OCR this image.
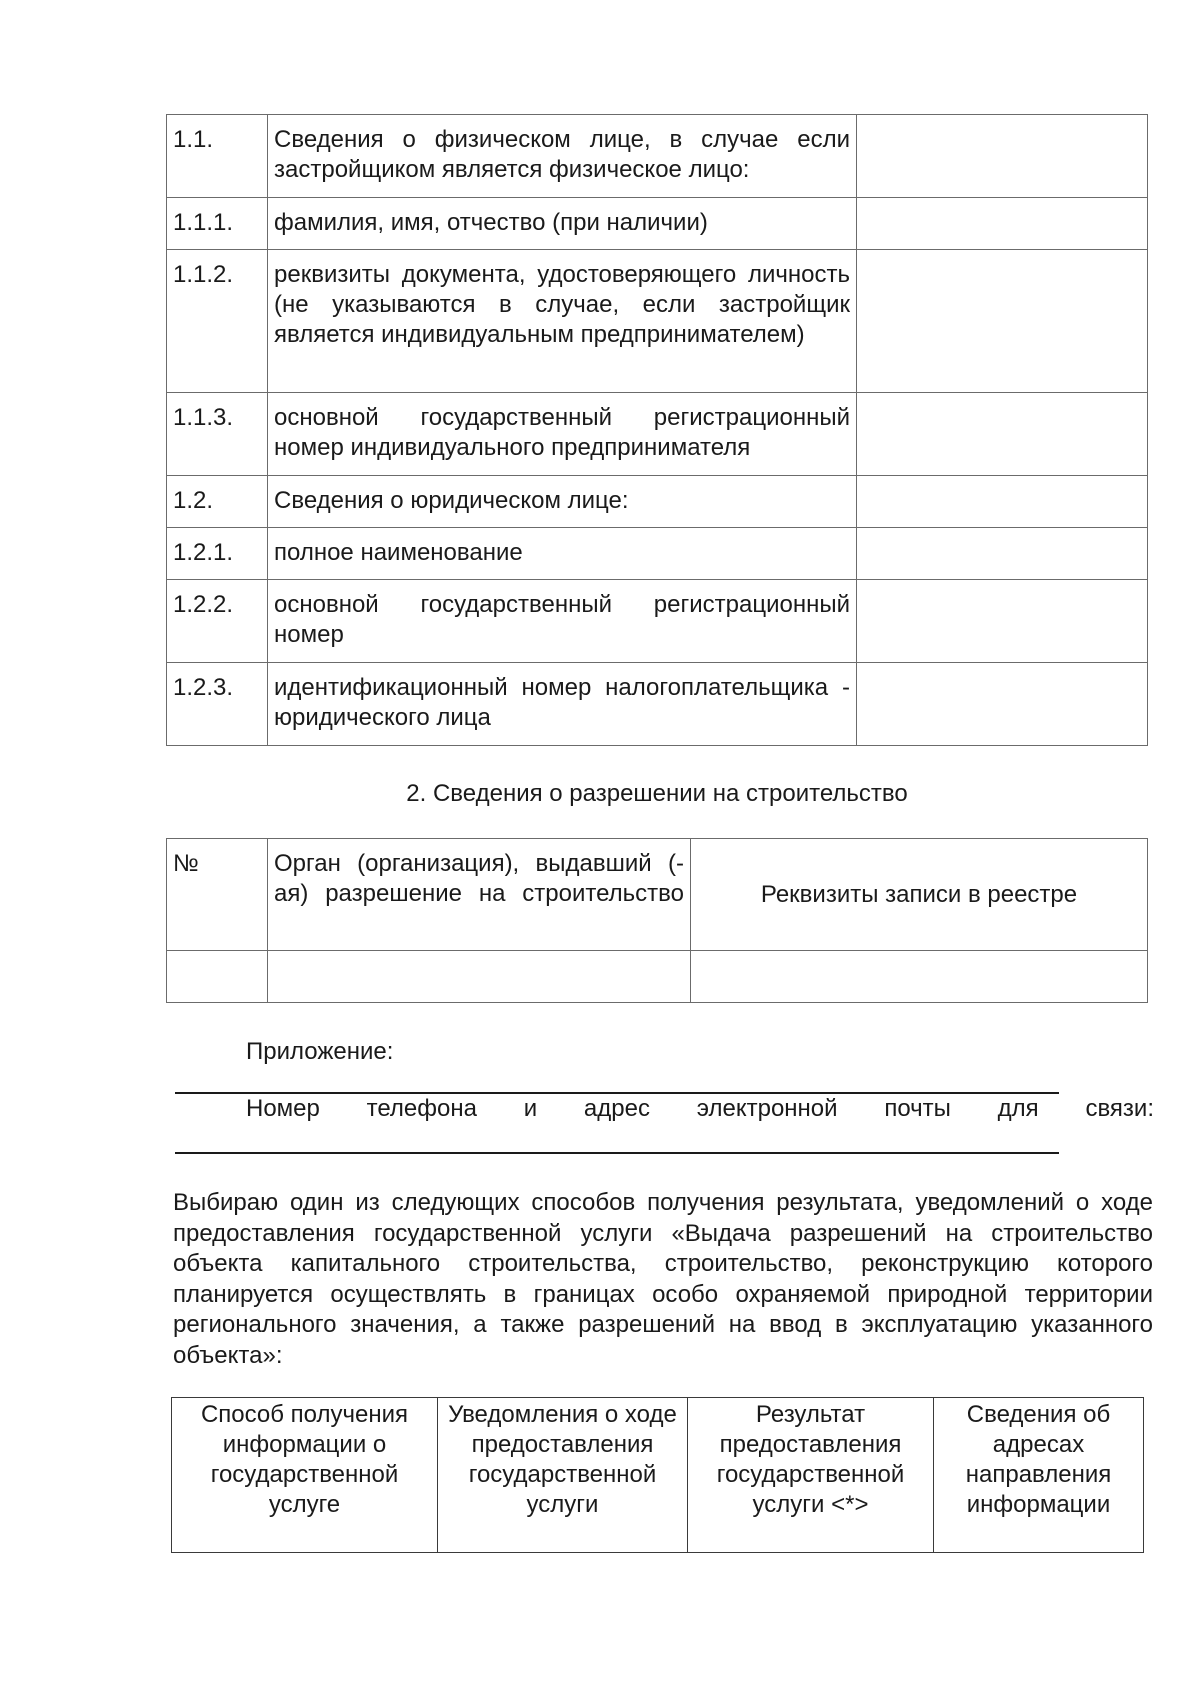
1.1.	Сведения о физическом лице, в случае если застройщиком является физическое лицо:	
1.1.1.	фамилия, имя, отчество (при наличии)	
1.1.2.	реквизиты документа, удостоверяющего личность (не указываются в случае, если застройщик является индивидуальным предпринимателем)	
1.1.3.	основной государственный регистрационный номер индивидуального предпринимателя	
1.2.	Сведения о юридическом лице:	
1.2.1.	полное наименование	
1.2.2.	основной государственный регистрационный номер	
1.2.3.	идентификационный номер налогоплательщика - юридического лица	
2. Сведения о разрешении на строительство
№	Орган (организация), выдавший (-ая) разрешение на строительство	Реквизиты записи в реестре

Приложение:
Номер телефона и адрес электронной почты для связи:
Выбираю один из следующих способов получения результата, уведомлений о ходе предоставления государственной услуги «Выдача разрешений на строительство объекта капитального строительства, строительство, реконструкцию которого планируется осуществлять в границах особо охраняемой природной территории регионального значения, а также разрешений на ввод в эксплуатацию указанного объекта»:
Способ получения информации о государственной услуге	Уведомления о ходе предоставления государственной услуги	Результат предоставления государственной услуги <*>	Сведения об адресах направления информации
